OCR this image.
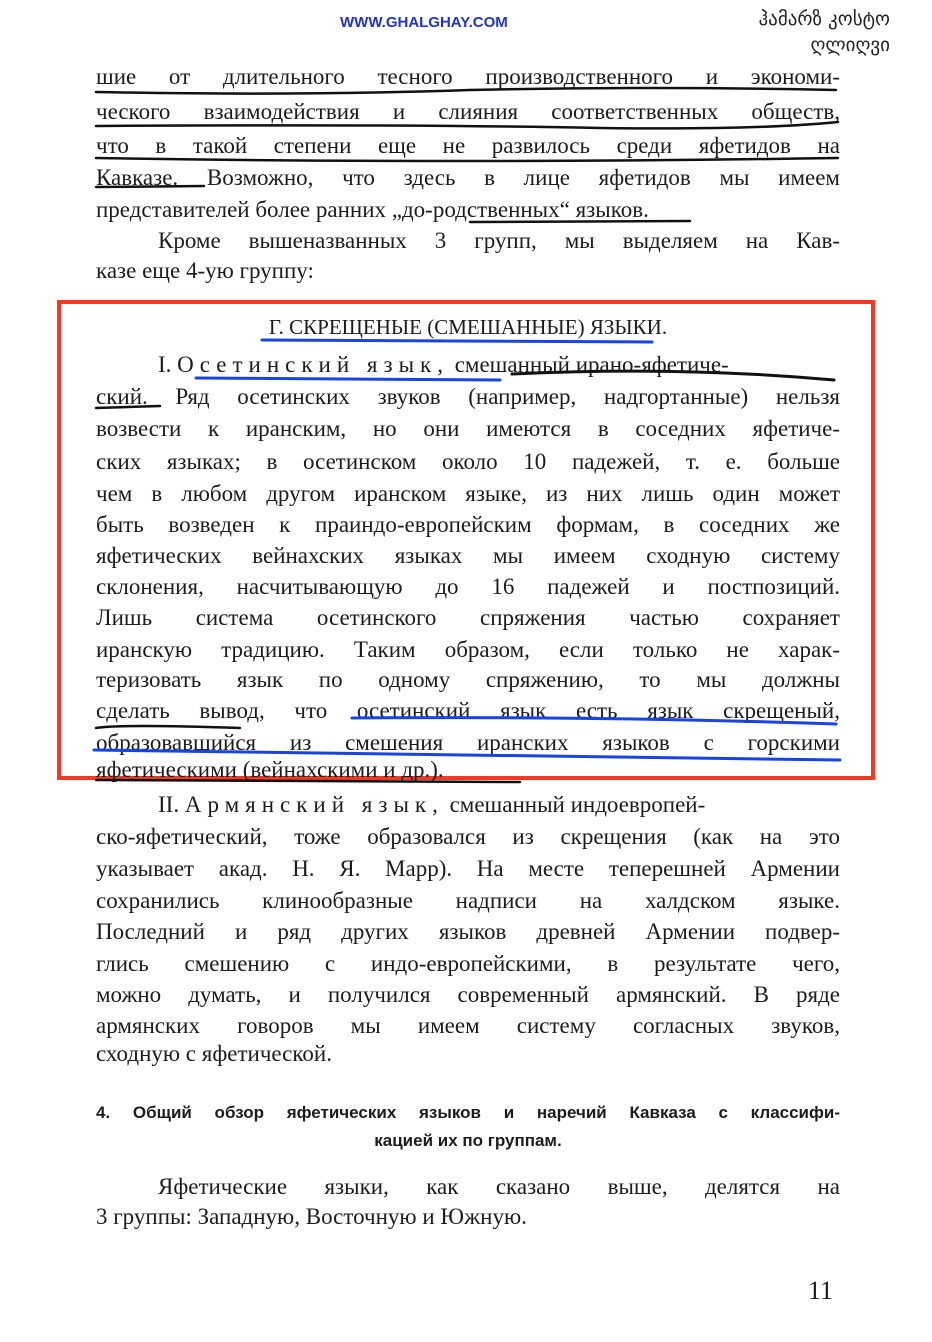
WWW.GHALGHAY.COM	ჰამარზ კოსტო
ღლიღვი
шие от длительного тесного производственного и экономи-
ческого взаимодействия и слияния соответственных обществ,
что в такой степени еще не развилось среди яфетидов на
Кавказе. Возможно, что здесь в лице яфетидов мы имеем
представителей более ранних „до-родственных“ языков.
Кроме вышеназванных 3 групп, мы выделяем на Кав-
казе еще 4-ую группу:
Г. СКРЕЩЕНЫЕ (СМЕШАННЫЕ) ЯЗЫКИ.
I. Осетинский язык, смешанный ирано-яфетиче-
ский. Ряд осетинских звуков (например, надгортанные) нельзя
возвести к иранским, но они имеются в соседних яфетиче-
ских языках; в осетинском около 10 падежей, т. е. больше
чем в любом другом иранском языке, из них лишь один может
быть возведен к праиндо-европейским формам, в соседних же
яфетических вейнахских языках мы имеем сходную систему
склонения, насчитывающую до 16 падежей и постпозиций.
Лишь система осетинского спряжения частью сохраняет
иранскую традицию. Таким образом, если только не харак-
теризовать язык по одному спряжению, то мы должны
сделать вывод, что осетинский язык есть язык скрещеный,
образовавшийся из смешения иранских языков с горскими
яфетическими (вейнахскими и др.).
II. Армянский язык, смешанный индоевропей-
ско-яфетический, тоже образовался из скрещения (как на это
указывает акад. Н. Я. Марр). На месте теперешней Армении
сохранились клинообразные надписи на халдском языке.
Последний и ряд других языков древней Армении подвер-
глись смешению с индо-европейскими, в результате чего,
можно думать, и получился современный армянский. В ряде
армянских говоров мы имеем систему согласных звуков,
сходную с яфетической.
4. Общий обзор яфетических языков и наречий Кавказа с классифи-
кацией их по группам.
Яфетические языки, как сказано выше, делятся на
3 группы: Западную, Восточную и Южную.
11
